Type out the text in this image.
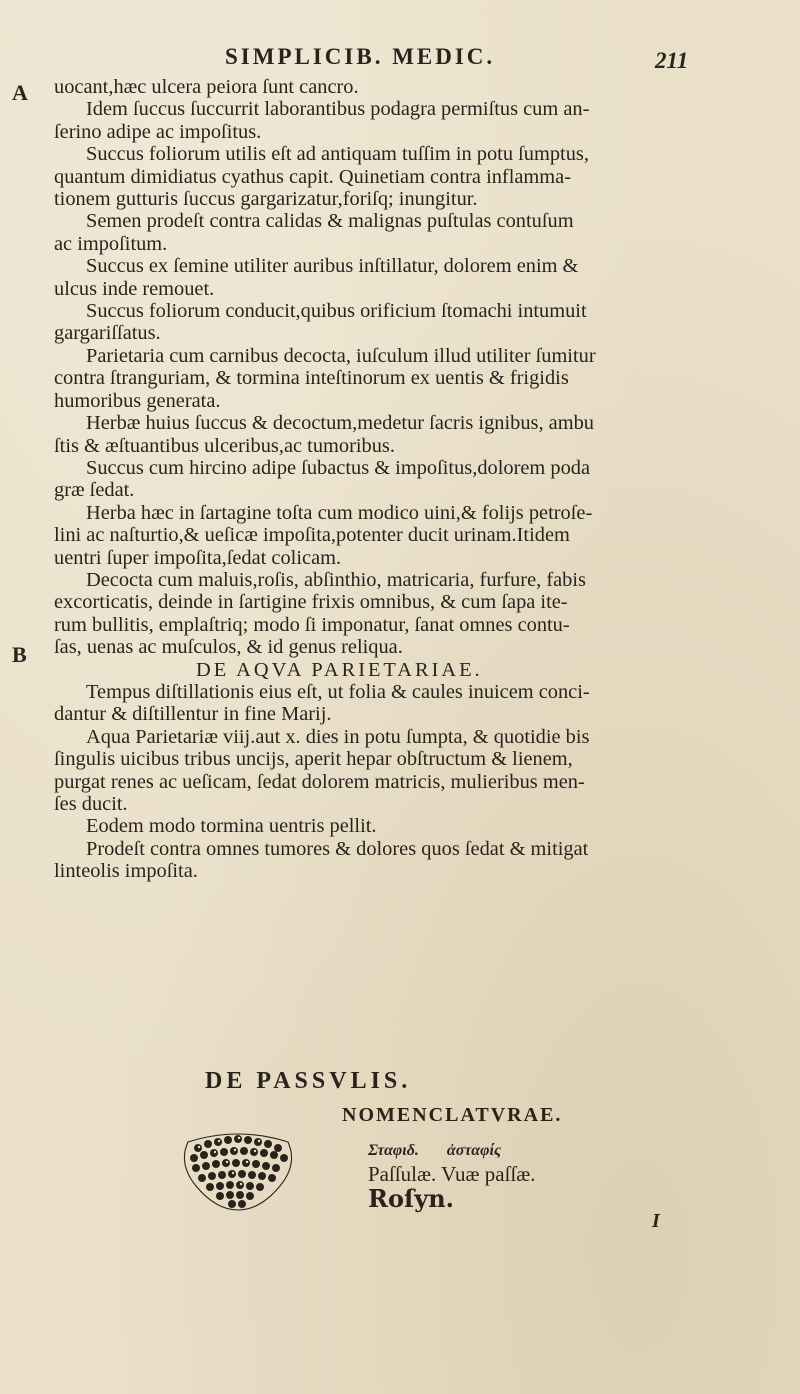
SIMPLICIB. MEDIC.	211
A
B
uocant,hæc ulcera peiora ſunt cancro.
Idem ſuccus ſuccurrit laborantibus podagra permiſtus cum an-
ſerino adipe ac impoſitus.
Succus foliorum utilis eſt ad antiquam tuſſim in potu ſumptus,
quantum dimidiatus cyathus capit. Quinetiam contra inflamma-
tionem gutturis ſuccus gargarizatur,foriſq; inungitur.
Semen prodeſt contra calidas & malignas puſtulas contuſum
ac impoſitum.
Succus ex ſemine utiliter auribus inſtillatur, dolorem enim &
ulcus inde remouet.
Succus foliorum conducit,quibus orificium ſtomachi intumuit
gargariſſatus.
Parietaria cum carnibus decocta, iuſculum illud utiliter ſumitur
contra ſtranguriam, & tormina inteſtinorum ex uentis & frigidis
humoribus generata.
Herbæ huius ſuccus & decoctum,medetur ſacris ignibus, ambu
ſtis & æſtuantibus ulceribus,ac tumoribus.
Succus cum hircino adipe ſubactus & impoſitus,dolorem poda
græ ſedat.
Herba hæc in ſartagine toſta cum modico uini,& folijs petroſe-
lini ac naſturtio,& ueſicæ impoſita,potenter ducit urinam.Itidem
uentri ſuper impoſita,ſedat colicam.
Decocta cum maluis,roſis, abſinthio, matricaria, furfure, fabis
excorticatis, deinde in ſartigine frixis omnibus, & cum ſapa ite-
rum bullitis, emplaſtriq; modo ſi imponatur, ſanat omnes contu-
ſas, uenas ac muſculos, & id genus reliqua.
DE AQVA PARIETARIAE.
Tempus diſtillationis eius eſt, ut folia & caules inuicem conci-
dantur & diſtillentur in fine Marij.
Aqua Parietariæ viij.aut x. dies in potu ſumpta, & quotidie bis
ſingulis uicibus tribus uncijs, aperit hepar obſtructum & lienem,
purgat renes ac ueſicam, ſedat dolorem matricis, mulieribus men-
ſes ducit.
Eodem modo tormina uentris pellit.
Prodeſt contra omnes tumores & dolores quos ſedat & mitigat
linteolis impoſita.
DE PASSVLIS.
NOMENCLATVRAE.
Σταφιδ. ἀσταφίς
Paſſulæ. Vuæ paſſæ.
Roſyn.
I
